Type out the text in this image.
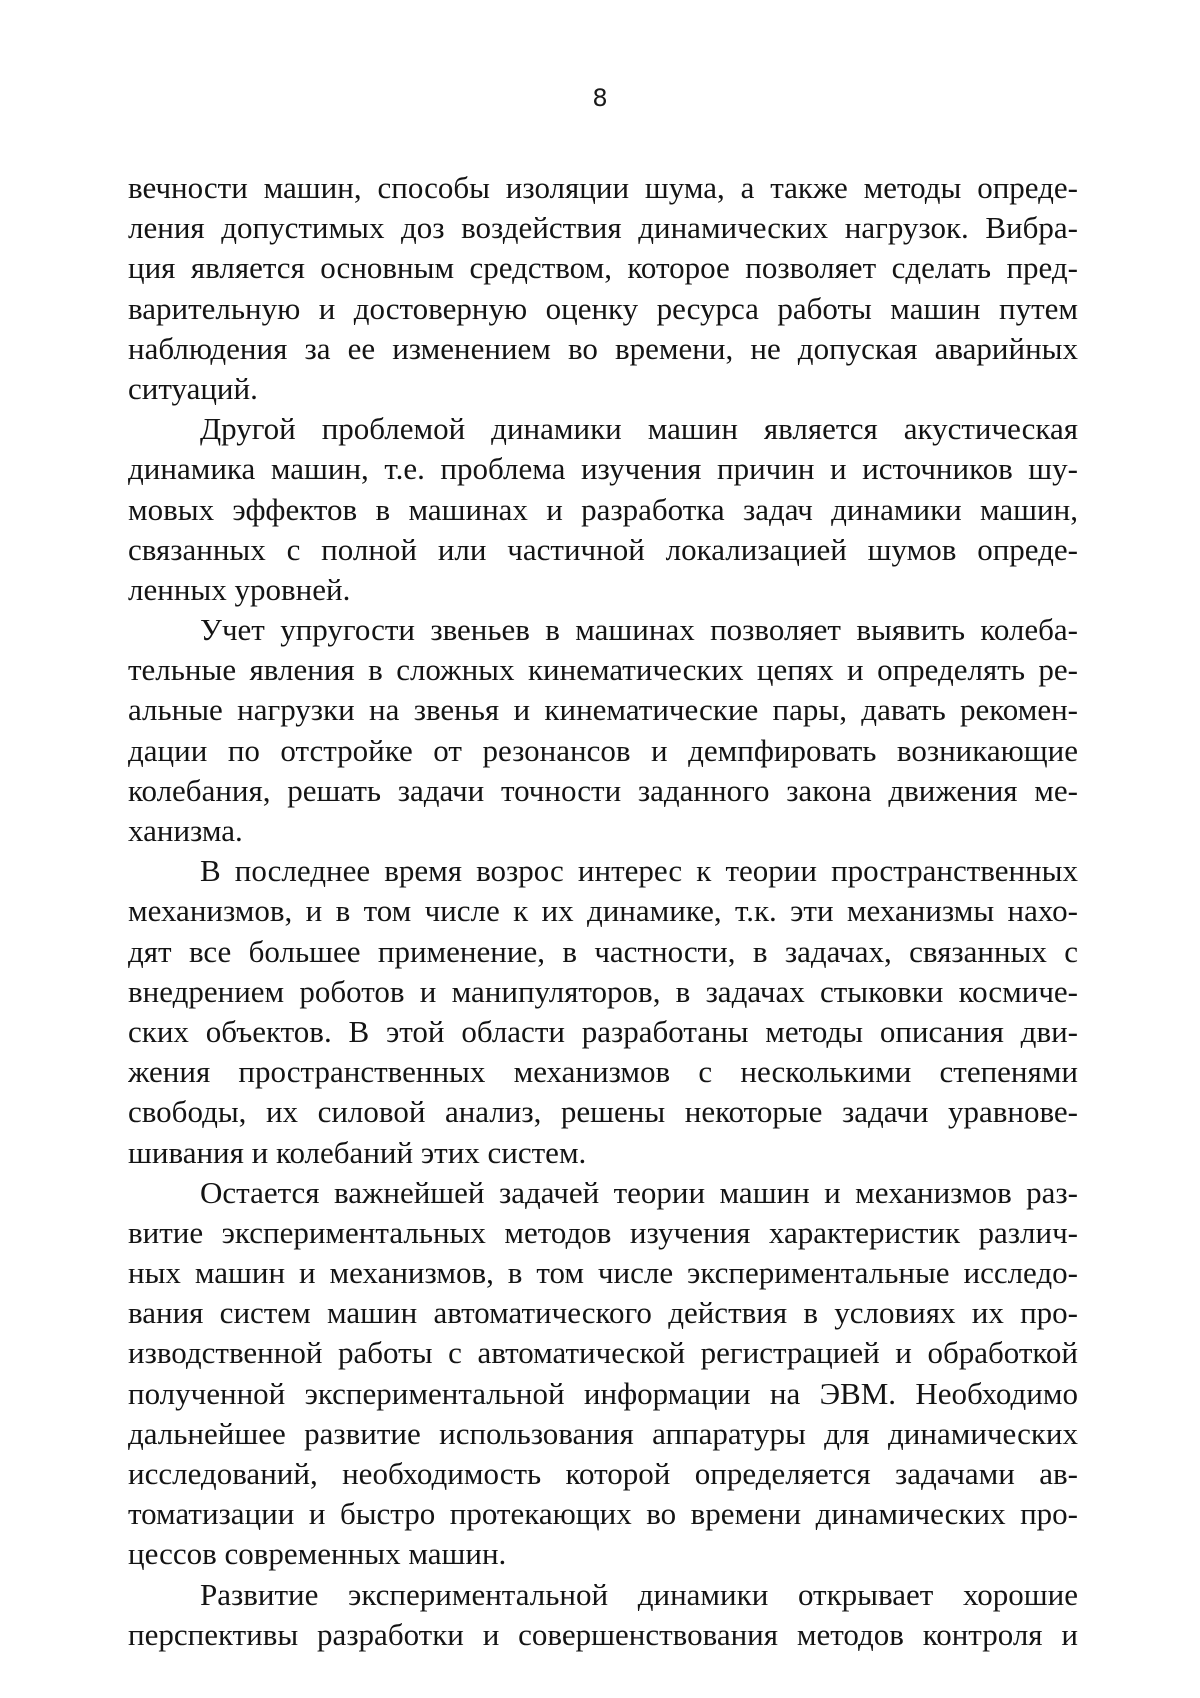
8
вечности машин, способы изоляции шума, а также методы опреде-
ления допустимых доз воздействия динамических нагрузок. Вибра-
ция является основным средством, которое позволяет сделать пред-
варительную и достоверную оценку ресурса работы машин путем
наблюдения за ее изменением во времени, не допуская аварийных
ситуаций.
Другой проблемой динамики машин является акустическая
динамика машин, т.е. проблема изучения причин и источников шу-
мовых эффектов в машинах и разработка задач динамики машин,
связанных с полной или частичной локализацией шумов опреде-
ленных уровней.
Учет упругости звеньев в машинах позволяет выявить колеба-
тельные явления в сложных кинематических цепях и определять ре-
альные нагрузки на звенья и кинематические пары, давать рекомен-
дации по отстройке от резонансов и демпфировать возникающие
колебания, решать задачи точности заданного закона движения ме-
ханизма.
В последнее время возрос интерес к теории пространственных
механизмов, и в том числе к их динамике, т.к. эти механизмы нахо-
дят все большее применение, в частности, в задачах, связанных с
внедрением роботов и манипуляторов, в задачах стыковки космиче-
ских объектов. В этой области разработаны методы описания дви-
жения пространственных механизмов с несколькими степенями
свободы, их силовой анализ, решены некоторые задачи уравнове-
шивания и колебаний этих систем.
Остается важнейшей задачей теории машин и механизмов раз-
витие экспериментальных методов изучения характеристик различ-
ных машин и механизмов, в том числе экспериментальные исследо-
вания систем машин автоматического действия в условиях их про-
изводственной работы с автоматической регистрацией и обработкой
полученной экспериментальной информации на ЭВМ. Необходимо
дальнейшее развитие использования аппаратуры для динамических
исследований, необходимость которой определяется задачами ав-
томатизации и быстро протекающих во времени динамических про-
цессов современных машин.
Развитие экспериментальной динамики открывает хорошие
перспективы разработки и совершенствования методов контроля и
